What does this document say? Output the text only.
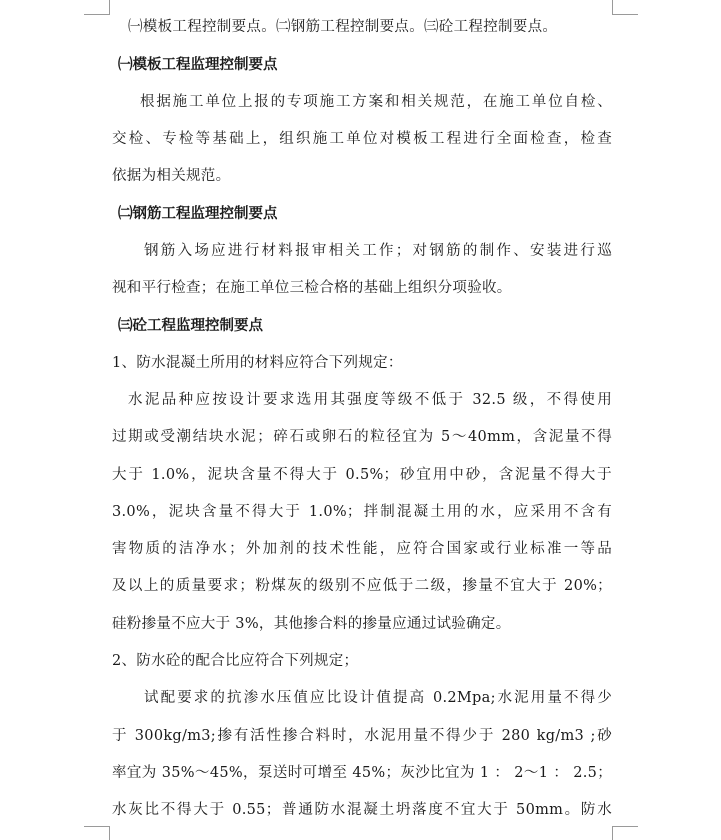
㈠模板工程控制要点。㈡钢筋工程控制要点。㈢砼工程控制要点。
㈠模板工程监理控制要点
根据施工单位上报的专项施工方案和相关规范，在施工单位自检、
交检、专检等基础上，组织施工单位对模板工程进行全面检查，检查
依据为相关规范。
㈡钢筋工程监理控制要点
钢筋入场应进行材料报审相关工作；对钢筋的制作、安装进行巡
视和平行检查；在施工单位三检合格的基础上组织分项验收。
㈢砼工程监理控制要点
1、防水混凝土所用的材料应符合下列规定：
水泥品种应按设计要求选用其强度等级不低于 32.5 级，不得使用
过期或受潮结块水泥；碎石或卵石的粒径宜为 5～40mm，含泥量不得
大于 1.0%，泥块含量不得大于 0.5%；砂宜用中砂，含泥量不得大于
3.0%，泥块含量不得大于 1.0%；拌制混凝土用的水，应采用不含有
害物质的洁净水；外加剂的技术性能，应符合国家或行业标准一等品
及以上的质量要求；粉煤灰的级别不应低于二级，掺量不宜大于 20%；
硅粉掺量不应大于 3%，其他掺合料的掺量应通过试验确定。
2、防水砼的配合比应符合下列规定；
试配要求的抗渗水压值应比设计值提高 0.2Mpa;水泥用量不得少
于 300kg/m3;掺有活性掺合料时，水泥用量不得少于 280 kg/m3 ;砂
率宜为 35%～45%，泵送时可增至 45%；灰沙比宜为 1 ： 2～1 ： 2.5；
水灰比不得大于 0.55；普通防水混凝土坍落度不宜大于 50mm。防水
